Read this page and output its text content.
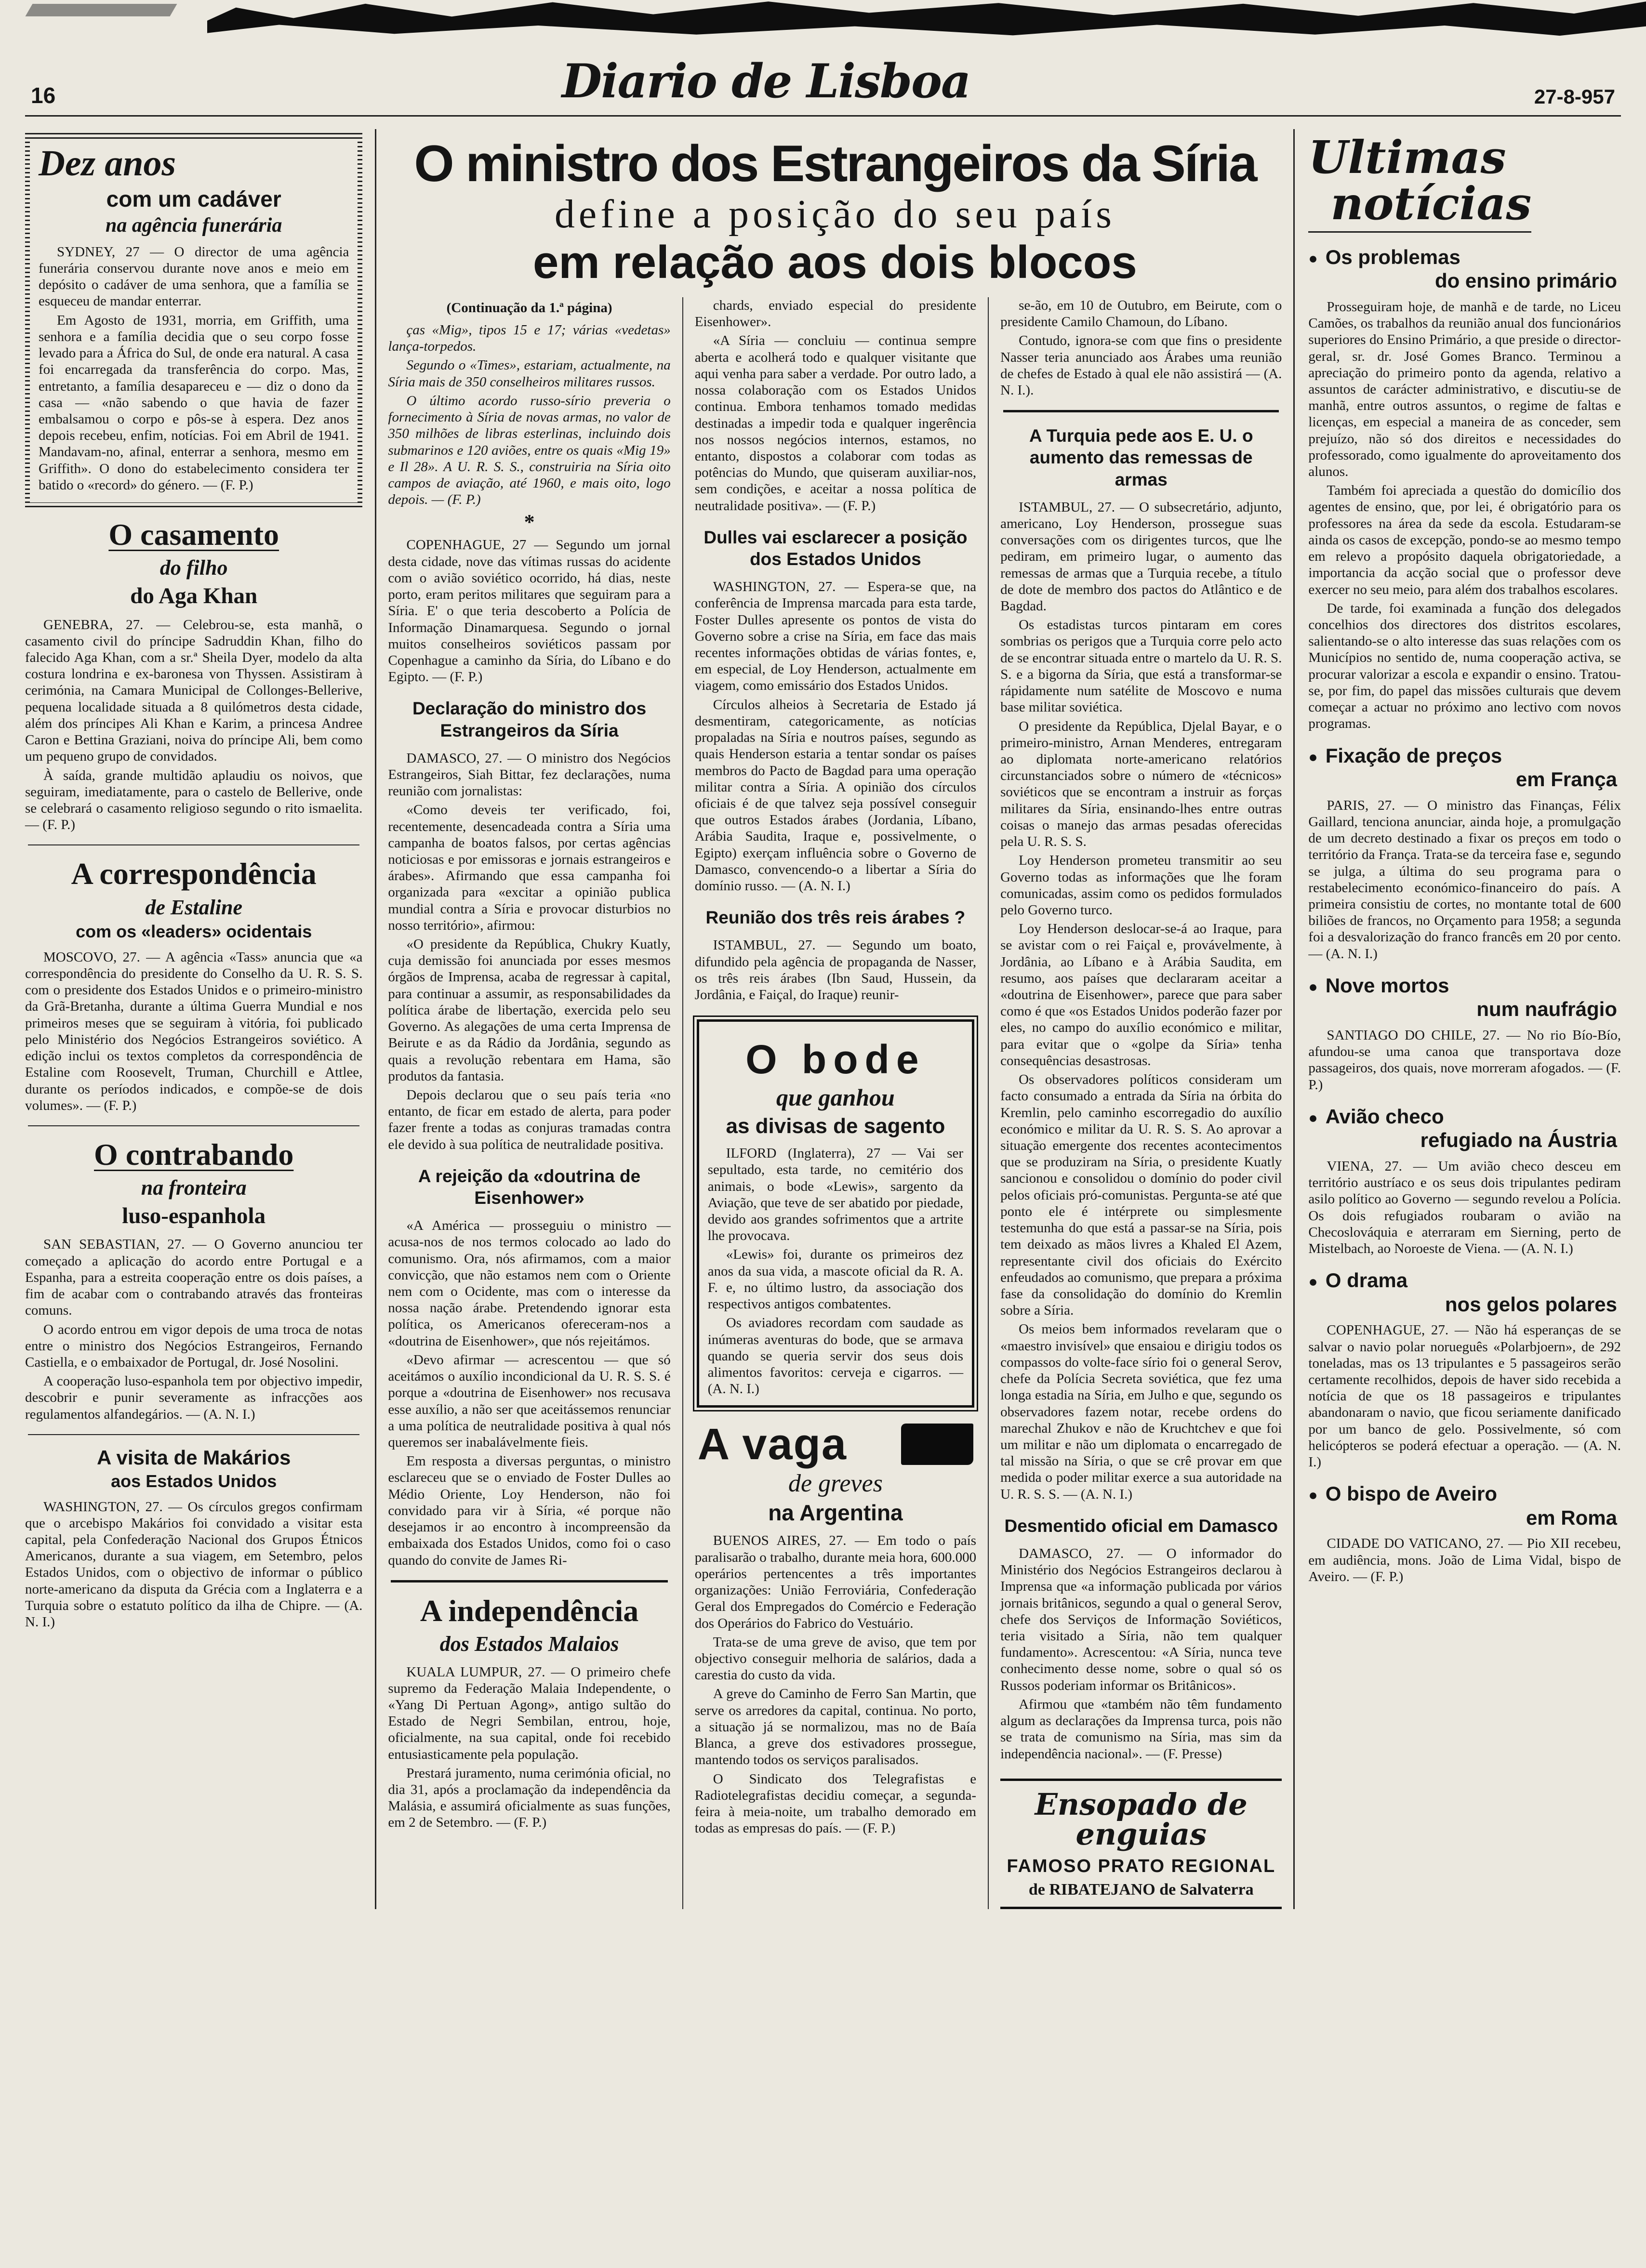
16	Diario de Lisboa	27-8-957
Dez anos
com um cadáver
na agência funerária

SYDNEY, 27 — O director de uma agência funerária conservou durante nove anos e meio em depósito o cadáver de uma senhora, que a família se esqueceu de mandar enterrar.

Em Agosto de 1931, morria, em Griffith, uma senhora e a família decidia que o seu corpo fosse levado para a África do Sul, de onde era natural. A casa foi encarregada da transferência do corpo. Mas, entretanto, a família desapareceu e — diz o dono da casa — «não sabendo o que havia de fazer embalsamou o corpo e pôs-se à espera. Dez anos depois recebeu, enfim, notícias. Foi em Abril de 1941. Mandavam-no, afinal, enterrar a senhora, mesmo em Griffith». O dono do estabelecimento considera ter batido o «record» do género. — (F. P.)

O casamento
do filho
do Aga Khan

GENEBRA, 27. — Celebrou-se, esta manhã, o casamento civil do príncipe Sadruddin Khan, filho do falecido Aga Khan, com a sr.ª Sheila Dyer, modelo da alta costura londrina e ex-baronesa von Thyssen. Assistiram à cerimónia, na Camara Municipal de Collonges-Bellerive, pequena localidade situada a 8 quilómetros desta cidade, além dos príncipes Ali Khan e Karim, a princesa Andree Caron e Bettina Graziani, noiva do príncipe Ali, bem como um pequeno grupo de convidados.

À saída, grande multidão aplaudiu os noivos, que seguiram, imediatamente, para o castelo de Bellerive, onde se celebrará o casamento religioso segundo o rito ismaelita. — (F. P.)

A correspondência
de Estaline
com os «leaders» ocidentais

MOSCOVO, 27. — A agência «Tass» anuncia que «a correspondência do presidente do Conselho da U. R. S. S. com o presidente dos Estados Unidos e o primeiro-ministro da Grã-Bretanha, durante a última Guerra Mundial e nos primeiros meses que se seguiram à vitória, foi publicado pelo Ministério dos Negócios Estrangeiros soviético. A edição inclui os textos completos da correspondência de Estaline com Roosevelt, Truman, Churchill e Attlee, durante os períodos indicados, e compõe-se de dois volumes». — (F. P.)

O contrabando
na fronteira
luso-espanhola

SAN SEBASTIAN, 27. — O Governo anunciou ter começado a aplicação do acordo entre Portugal e a Espanha, para a estreita cooperação entre os dois países, a fim de acabar com o contrabando através das fronteiras comuns.

O acordo entrou em vigor depois de uma troca de notas entre o ministro dos Negócios Estrangeiros, Fernando Castiella, e o embaixador de Portugal, dr. José Nosolini.

A cooperação luso-espanhola tem por objectivo impedir, descobrir e punir severamente as infracções aos regulamentos alfandegários. — (A. N. I.)

A visita de Makários
aos Estados Unidos

WASHINGTON, 27. — Os círculos gregos confirmam que o arcebispo Makários foi convidado a visitar esta capital, pela Confederação Nacional dos Grupos Étnicos Americanos, durante a sua viagem, em Setembro, pelos Estados Unidos, com o objectivo de informar o público norte-americano da disputa da Grécia com a Inglaterra e a Turquia sobre o estatuto político da ilha de Chipre. — (A. N. I.)

O ministro dos Estrangeiros da Síria
define a posição do seu país
em relação aos dois blocos
(Continuação da 1.ª página)

ças «Mig», tipos 15 e 17; várias «vedetas» lança-torpedos.

Segundo o «Times», estariam, actualmente, na Síria mais de 350 conselheiros militares russos.

O último acordo russo-sírio preveria o fornecimento à Síria de novas armas, no valor de 350 milhões de libras esterlinas, incluindo dois submarinos e 120 aviões, entre os quais «Mig 19» e Il 28». A U. R. S. S., construiria na Síria oito campos de aviação, até 1960, e mais oito, logo depois. — (F. P.)

*

COPENHAGUE, 27 — Segundo um jornal desta cidade, nove das vítimas russas do acidente com o avião soviético ocorrido, há dias, neste porto, eram peritos militares que seguiram para a Síria. E' o que teria descoberto a Polícia de Informação Dinamarquesa. Segundo o jornal muitos conselheiros soviéticos passam por Copenhague a caminho da Síria, do Líbano e do Egipto. — (F. P.)

Declaração do ministro dos Estrangeiros da Síria

DAMASCO, 27. — O ministro dos Negócios Estrangeiros, Siah Bittar, fez declarações, numa reunião com jornalistas:

«Como deveis ter verificado, foi, recentemente, desencadeada contra a Síria uma campanha de boatos falsos, por certas agências noticiosas e por emissoras e jornais estrangeiros e árabes». Afirmando que essa campanha foi organizada para «excitar a opinião publica mundial contra a Síria e provocar disturbios no nosso território», afirmou:

«O presidente da República, Chukry Kuatly, cuja demissão foi anunciada por esses mesmos órgãos de Imprensa, acaba de regressar à capital, para continuar a assumir, as responsabilidades da política árabe de libertação, exercida pelo seu Governo. As alegações de uma certa Imprensa de Beirute e as da Rádio da Jordânia, segundo as quais a revolução rebentara em Hama, são produtos da fantasia.

Depois declarou que o seu país teria «no entanto, de ficar em estado de alerta, para poder fazer frente a todas as conjuras tramadas contra ele devido à sua política de neutralidade positiva.

A rejeição da «doutrina de Eisenhower»

«A América — prosseguiu o ministro — acusa-nos de nos termos colocado ao lado do comunismo. Ora, nós afirmamos, com a maior convicção, que não estamos nem com o Oriente nem com o Ocidente, mas com o interesse da nossa nação árabe. Pretendendo ignorar esta política, os Americanos ofereceram-nos a «doutrina de Eisenhower», que nós rejeitámos.

«Devo afirmar — acrescentou — que só aceitámos o auxílio incondicional da U. R. S. S. é porque a «doutrina de Eisenhower» nos recusava esse auxílio, a não ser que aceitássemos renunciar a uma política de neutralidade positiva à qual nós queremos ser inabalávelmente fieis.

Em resposta a diversas perguntas, o ministro esclareceu que se o enviado de Foster Dulles ao Médio Oriente, Loy Henderson, não foi convidado para vir à Síria, «é porque não desejamos ir ao encontro à incompreensão da embaixada dos Estados Unidos, como foi o caso quando do convite de James Ri-

A independência
dos Estados Malaios

KUALA LUMPUR, 27. — O primeiro chefe supremo da Federação Malaia Independente, o «Yang Di Pertuan Agong», antigo sultão do Estado de Negri Sembilan, entrou, hoje, oficialmente, na sua capital, onde foi recebido entusiasticamente pela população.

Prestará juramento, numa cerimónia oficial, no dia 31, após a proclamação da independência da Malásia, e assumirá oficialmente as suas funções, em 2 de Setembro. — (F. P.)

chards, enviado especial do presidente Eisenhower».

«A Síria — concluiu — continua sempre aberta e acolherá todo e qualquer visitante que aqui venha para saber a verdade. Por outro lado, a nossa colaboração com os Estados Unidos continua. Embora tenhamos tomado medidas destinadas a impedir toda e qualquer ingerência nos nossos negócios internos, estamos, no entanto, dispostos a colaborar com todas as potências do Mundo, que quiseram auxiliar-nos, sem condições, e aceitar a nossa política de neutralidade positiva». — (F. P.)

Dulles vai esclarecer a posição dos Estados Unidos

WASHINGTON, 27. — Espera-se que, na conferência de Imprensa marcada para esta tarde, Foster Dulles apresente os pontos de vista do Governo sobre a crise na Síria, em face das mais recentes informações obtidas de várias fontes, e, em especial, de Loy Henderson, actualmente em viagem, como emissário dos Estados Unidos.

Círculos alheios à Secretaria de Estado já desmentiram, categoricamente, as notícias propaladas na Síria e noutros países, segundo as quais Henderson estaria a tentar sondar os países membros do Pacto de Bagdad para uma operação militar contra a Síria. A opinião dos círculos oficiais é de que talvez seja possível conseguir que outros Estados árabes (Jordania, Líbano, Arábia Saudita, Iraque e, possivelmente, o Egipto) exerçam influência sobre o Governo de Damasco, convencendo-o a libertar a Síria do domínio russo. — (A. N. I.)

Reunião dos três reis árabes ?

ISTAMBUL, 27. — Segundo um boato, difundido pela agência de propaganda de Nasser, os três reis árabes (Ibn Saud, Hussein, da Jordânia, e Faiçal, do Iraque) reunir-

O bode
que ganhou
as divisas de sagento

ILFORD (Inglaterra), 27 — Vai ser sepultado, esta tarde, no cemitério dos animais, o bode «Lewis», sargento da Aviação, que teve de ser abatido por piedade, devido aos grandes sofrimentos que a artrite lhe provocava.

«Lewis» foi, durante os primeiros dez anos da sua vida, a mascote oficial da R. A. F. e, no último lustro, da associação dos respectivos antigos combatentes.

Os aviadores recordam com saudade as inúmeras aventuras do bode, que se armava quando se queria servir dos seus dois alimentos favoritos: cerveja e cigarros. — (A. N. I.)

A vaga
de greves
na Argentina

BUENOS AIRES, 27. — Em todo o país paralisarão o trabalho, durante meia hora, 600.000 operários pertencentes a três importantes organizações: União Ferroviária, Confederação Geral dos Empregados do Comércio e Federação dos Operários do Fabrico do Vestuário.

Trata-se de uma greve de aviso, que tem por objectivo conseguir melhoria de salários, dada a carestia do custo da vida.

A greve do Caminho de Ferro San Martin, que serve os arredores da capital, continua. No porto, a situação já se normalizou, mas no de Baía Blanca, a greve dos estivadores prossegue, mantendo todos os serviços paralisados.

O Sindicato dos Telegrafistas e Radiotelegrafistas decidiu começar, a segunda-feira à meia-noite, um trabalho demorado em todas as empresas do país. — (F. P.)

se-ão, em 10 de Outubro, em Beirute, com o presidente Camilo Chamoun, do Líbano.

Contudo, ignora-se com que fins o presidente Nasser teria anunciado aos Árabes uma reunião de chefes de Estado à qual ele não assistirá — (A. N. I.).

A Turquia pede aos E. U. o aumento das remessas de armas

ISTAMBUL, 27. — O subsecretário, adjunto, americano, Loy Henderson, prossegue suas conversações com os dirigentes turcos, que lhe pediram, em primeiro lugar, o aumento das remessas de armas que a Turquia recebe, a título de dote de membro dos pactos do Atlântico e de Bagdad.

Os estadistas turcos pintaram em cores sombrias os perigos que a Turquia corre pelo acto de se encontrar situada entre o martelo da U. R. S. S. e a bigorna da Síria, que está a transformar-se rápidamente num satélite de Moscovo e numa base militar soviética.

O presidente da República, Djelal Bayar, e o primeiro-ministro, Arnan Menderes, entregaram ao diplomata norte-americano relatórios circunstanciados sobre o número de «técnicos» soviéticos que se encontram a instruir as forças militares da Síria, ensinando-lhes entre outras coisas o manejo das armas pesadas oferecidas pela U. R. S. S.

Loy Henderson prometeu transmitir ao seu Governo todas as informações que lhe foram comunicadas, assim como os pedidos formulados pelo Governo turco.

Loy Henderson deslocar-se-á ao Iraque, para se avistar com o rei Faiçal e, provávelmente, à Jordânia, ao Líbano e à Arábia Saudita, em resumo, aos países que declararam aceitar a «doutrina de Eisenhower», parece que para saber como é que «os Estados Unidos poderão fazer por eles, no campo do auxílio económico e militar, para evitar que o «golpe da Síria» tenha consequências desastrosas.

Os observadores políticos consideram um facto consumado a entrada da Síria na órbita do Kremlin, pelo caminho escorregadio do auxílio económico e militar da U. R. S. S. Ao aprovar a situação emergente dos recentes acontecimentos que se produziram na Síria, o presidente Kuatly sancionou e consolidou o domínio do poder civil pelos oficiais pró-comunistas. Pergunta-se até que ponto ele é intérprete ou simplesmente testemunha do que está a passar-se na Síria, pois tem deixado as mãos livres a Khaled El Azem, representante civil dos oficiais do Exército enfeudados ao comunismo, que prepara a próxima fase da consolidação do domínio do Kremlin sobre a Síria.

Os meios bem informados revelaram que o «maestro invisível» que ensaiou e dirigiu todos os compassos do volte-face sírio foi o general Serov, chefe da Polícia Secreta soviética, que fez uma longa estadia na Síria, em Julho e que, segundo os observadores fazem notar, recebe ordens do marechal Zhukov e não de Kruchtchev e que foi um militar e não um diplomata o encarregado de tal missão na Síria, o que se crê provar em que medida o poder militar exerce a sua autoridade na U. R. S. S. — (A. N. I.)

Desmentido oficial em Damasco

DAMASCO, 27. — O informador do Ministério dos Negócios Estrangeiros declarou à Imprensa que «a informação publicada por vários jornais britânicos, segundo a qual o general Serov, chefe dos Serviços de Informação Soviéticos, teria visitado a Síria, não tem qualquer fundamento». Acrescentou: «A Síria, nunca teve conhecimento desse nome, sobre o qual só os Russos poderiam informar os Britânicos».

Afirmou que «também não têm fundamento algum as declarações da Imprensa turca, pois não se trata de comunismo na Síria, mas sim da independência nacional». — (F. Presse)

Ensopado de enguias
FAMOSO PRATO REGIONAL
de RIBATEJANO de Salvaterra
Ultimas
notícias
● Os problemas
do ensino primário

Prosseguiram hoje, de manhã e de tarde, no Liceu Camões, os trabalhos da reunião anual dos funcionários superiores do Ensino Primário, a que preside o director-geral, sr. dr. José Gomes Branco. Terminou a apreciação do primeiro ponto da agenda, relativo a assuntos de carácter administrativo, e discutiu-se de manhã, entre outros assuntos, o regime de faltas e licenças, em especial a maneira de as conceder, sem prejuízo, não só dos direitos e necessidades do professorado, como igualmente do aproveitamento dos alunos.

Também foi apreciada a questão do domicílio dos agentes de ensino, que, por lei, é obrigatório para os professores na área da sede da escola. Estudaram-se ainda os casos de excepção, pondo-se ao mesmo tempo em relevo a propósito daquela obrigatoriedade, a importancia da acção social que o professor deve exercer no seu meio, para além dos trabalhos escolares.

De tarde, foi examinada a função dos delegados concelhios dos directores dos distritos escolares, salientando-se o alto interesse das suas relações com os Municípios no sentido de, numa cooperação activa, se procurar valorizar a escola e expandir o ensino. Tratou-se, por fim, do papel das missões culturais que devem começar a actuar no próximo ano lectivo com novos programas.

● Fixação de preços
em França

PARIS, 27. — O ministro das Finanças, Félix Gaillard, tenciona anunciar, ainda hoje, a promulgação de um decreto destinado a fixar os preços em todo o território da França. Trata-se da terceira fase e, segundo se julga, a última do seu programa para o restabelecimento económico-financeiro do país. A primeira consistiu de cortes, no montante total de 600 biliões de francos, no Orçamento para 1958; a segunda foi a desvalorização do franco francês em 20 por cento. — (A. N. I.)

● Nove mortos
num naufrágio

SANTIAGO DO CHILE, 27. — No rio Bío-Bío, afundou-se uma canoa que transportava doze passageiros, dos quais, nove morreram afogados. — (F. P.)

● Avião checo
refugiado na Áustria

VIENA, 27. — Um avião checo desceu em território austríaco e os seus dois tripulantes pediram asilo político ao Governo — segundo revelou a Polícia. Os dois refugiados roubaram o avião na Checoslováquia e aterraram em Sierning, perto de Mistelbach, ao Noroeste de Viena. — (A. N. I.)

● O drama
nos gelos polares

COPENHAGUE, 27. — Não há esperanças de se salvar o navio polar norueguês «Polarbjoern», de 292 toneladas, mas os 13 tripulantes e 5 passageiros serão certamente recolhidos, depois de haver sido recebida a notícia de que os 18 passageiros e tripulantes abandonaram o navio, que ficou seriamente danificado por um banco de gelo. Possivelmente, só com helicópteros se poderá efectuar a operação. — (A. N. I.)

● O bispo de Aveiro
em Roma

CIDADE DO VATICANO, 27. — Pio XII recebeu, em audiência, mons. João de Lima Vidal, bispo de Aveiro. — (F. P.)
